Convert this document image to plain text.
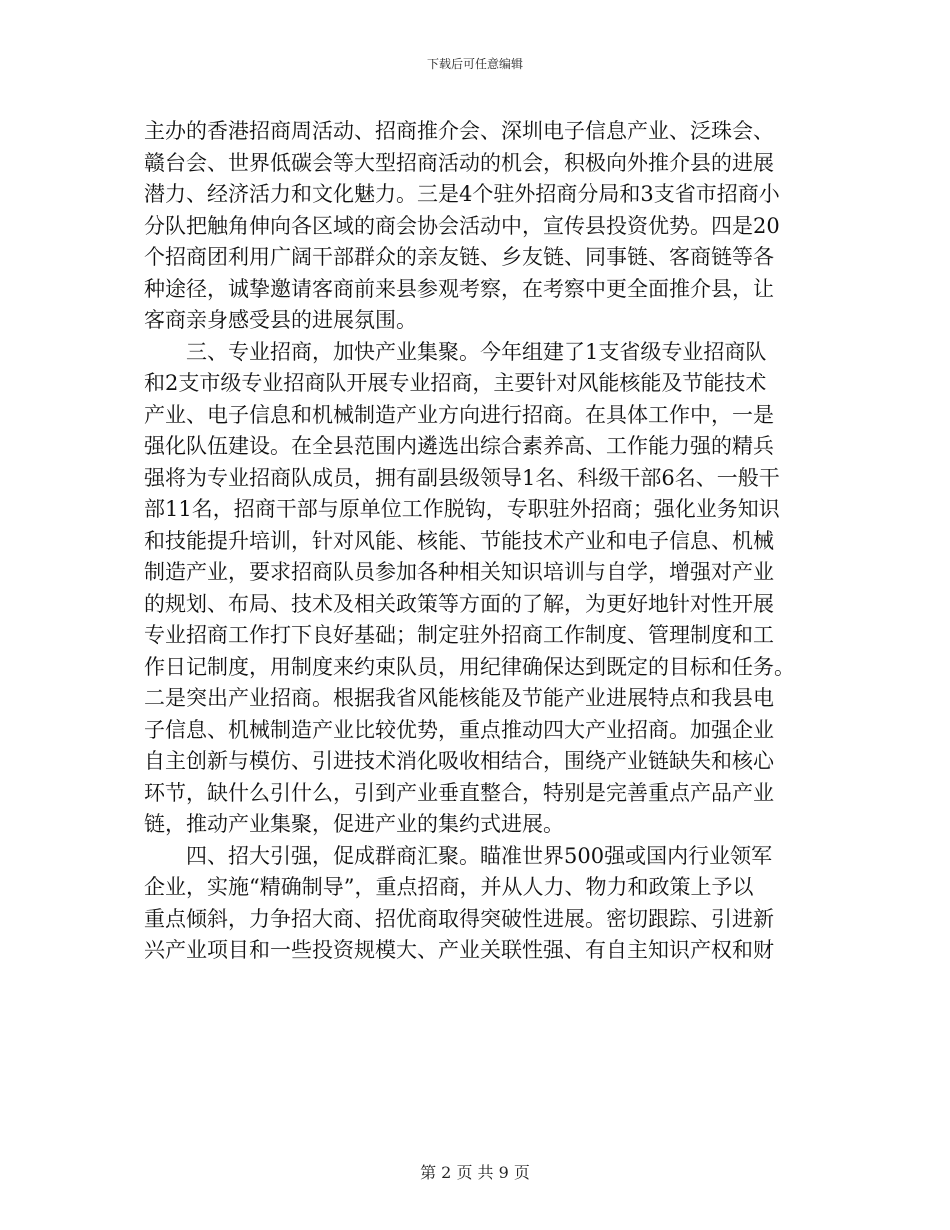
下载后可任意编辑
主办的香港招商周活动、招商推介会、深圳电子信息产业、泛珠会、
赣台会、世界低碳会等大型招商活动的机会，积极向外推介县的进展
潜力、经济活力和文化魅力。三是4个驻外招商分局和3支省市招商小
分队把触角伸向各区域的商会协会活动中，宣传县投资优势。四是20
个招商团利用广阔干部群众的亲友链、乡友链、同事链、客商链等各
种途径，诚挚邀请客商前来县参观考察，在考察中更全面推介县，让
客商亲身感受县的进展氛围。
三、专业招商，加快产业集聚。今年组建了1支省级专业招商队
和2支市级专业招商队开展专业招商，主要针对风能核能及节能技术
产业、电子信息和机械制造产业方向进行招商。在具体工作中，一是
强化队伍建设。在全县范围内遴选出综合素养高、工作能力强的精兵
强将为专业招商队成员，拥有副县级领导1名、科级干部6名、一般干
部11名，招商干部与原单位工作脱钩，专职驻外招商；强化业务知识
和技能提升培训，针对风能、核能、节能技术产业和电子信息、机械
制造产业，要求招商队员参加各种相关知识培训与自学，增强对产业
的规划、布局、技术及相关政策等方面的了解，为更好地针对性开展
专业招商工作打下良好基础；制定驻外招商工作制度、管理制度和工
作日记制度，用制度来约束队员，用纪律确保达到既定的目标和任务。
二是突出产业招商。根据我省风能核能及节能产业进展特点和我县电
子信息、机械制造产业比较优势，重点推动四大产业招商。加强企业
自主创新与模仿、引进技术消化吸收相结合，围绕产业链缺失和核心
环节，缺什么引什么，引到产业垂直整合，特别是完善重点产品产业
链，推动产业集聚，促进产业的集约式进展。
四、招大引强，促成群商汇聚。瞄准世界500强或国内行业领军
企业，实施“精确制导”，重点招商，并从人力、物力和政策上予以
重点倾斜，力争招大商、招优商取得突破性进展。密切跟踪、引进新
兴产业项目和一些投资规模大、产业关联性强、有自主知识产权和财
第 2 页 共 9 页
